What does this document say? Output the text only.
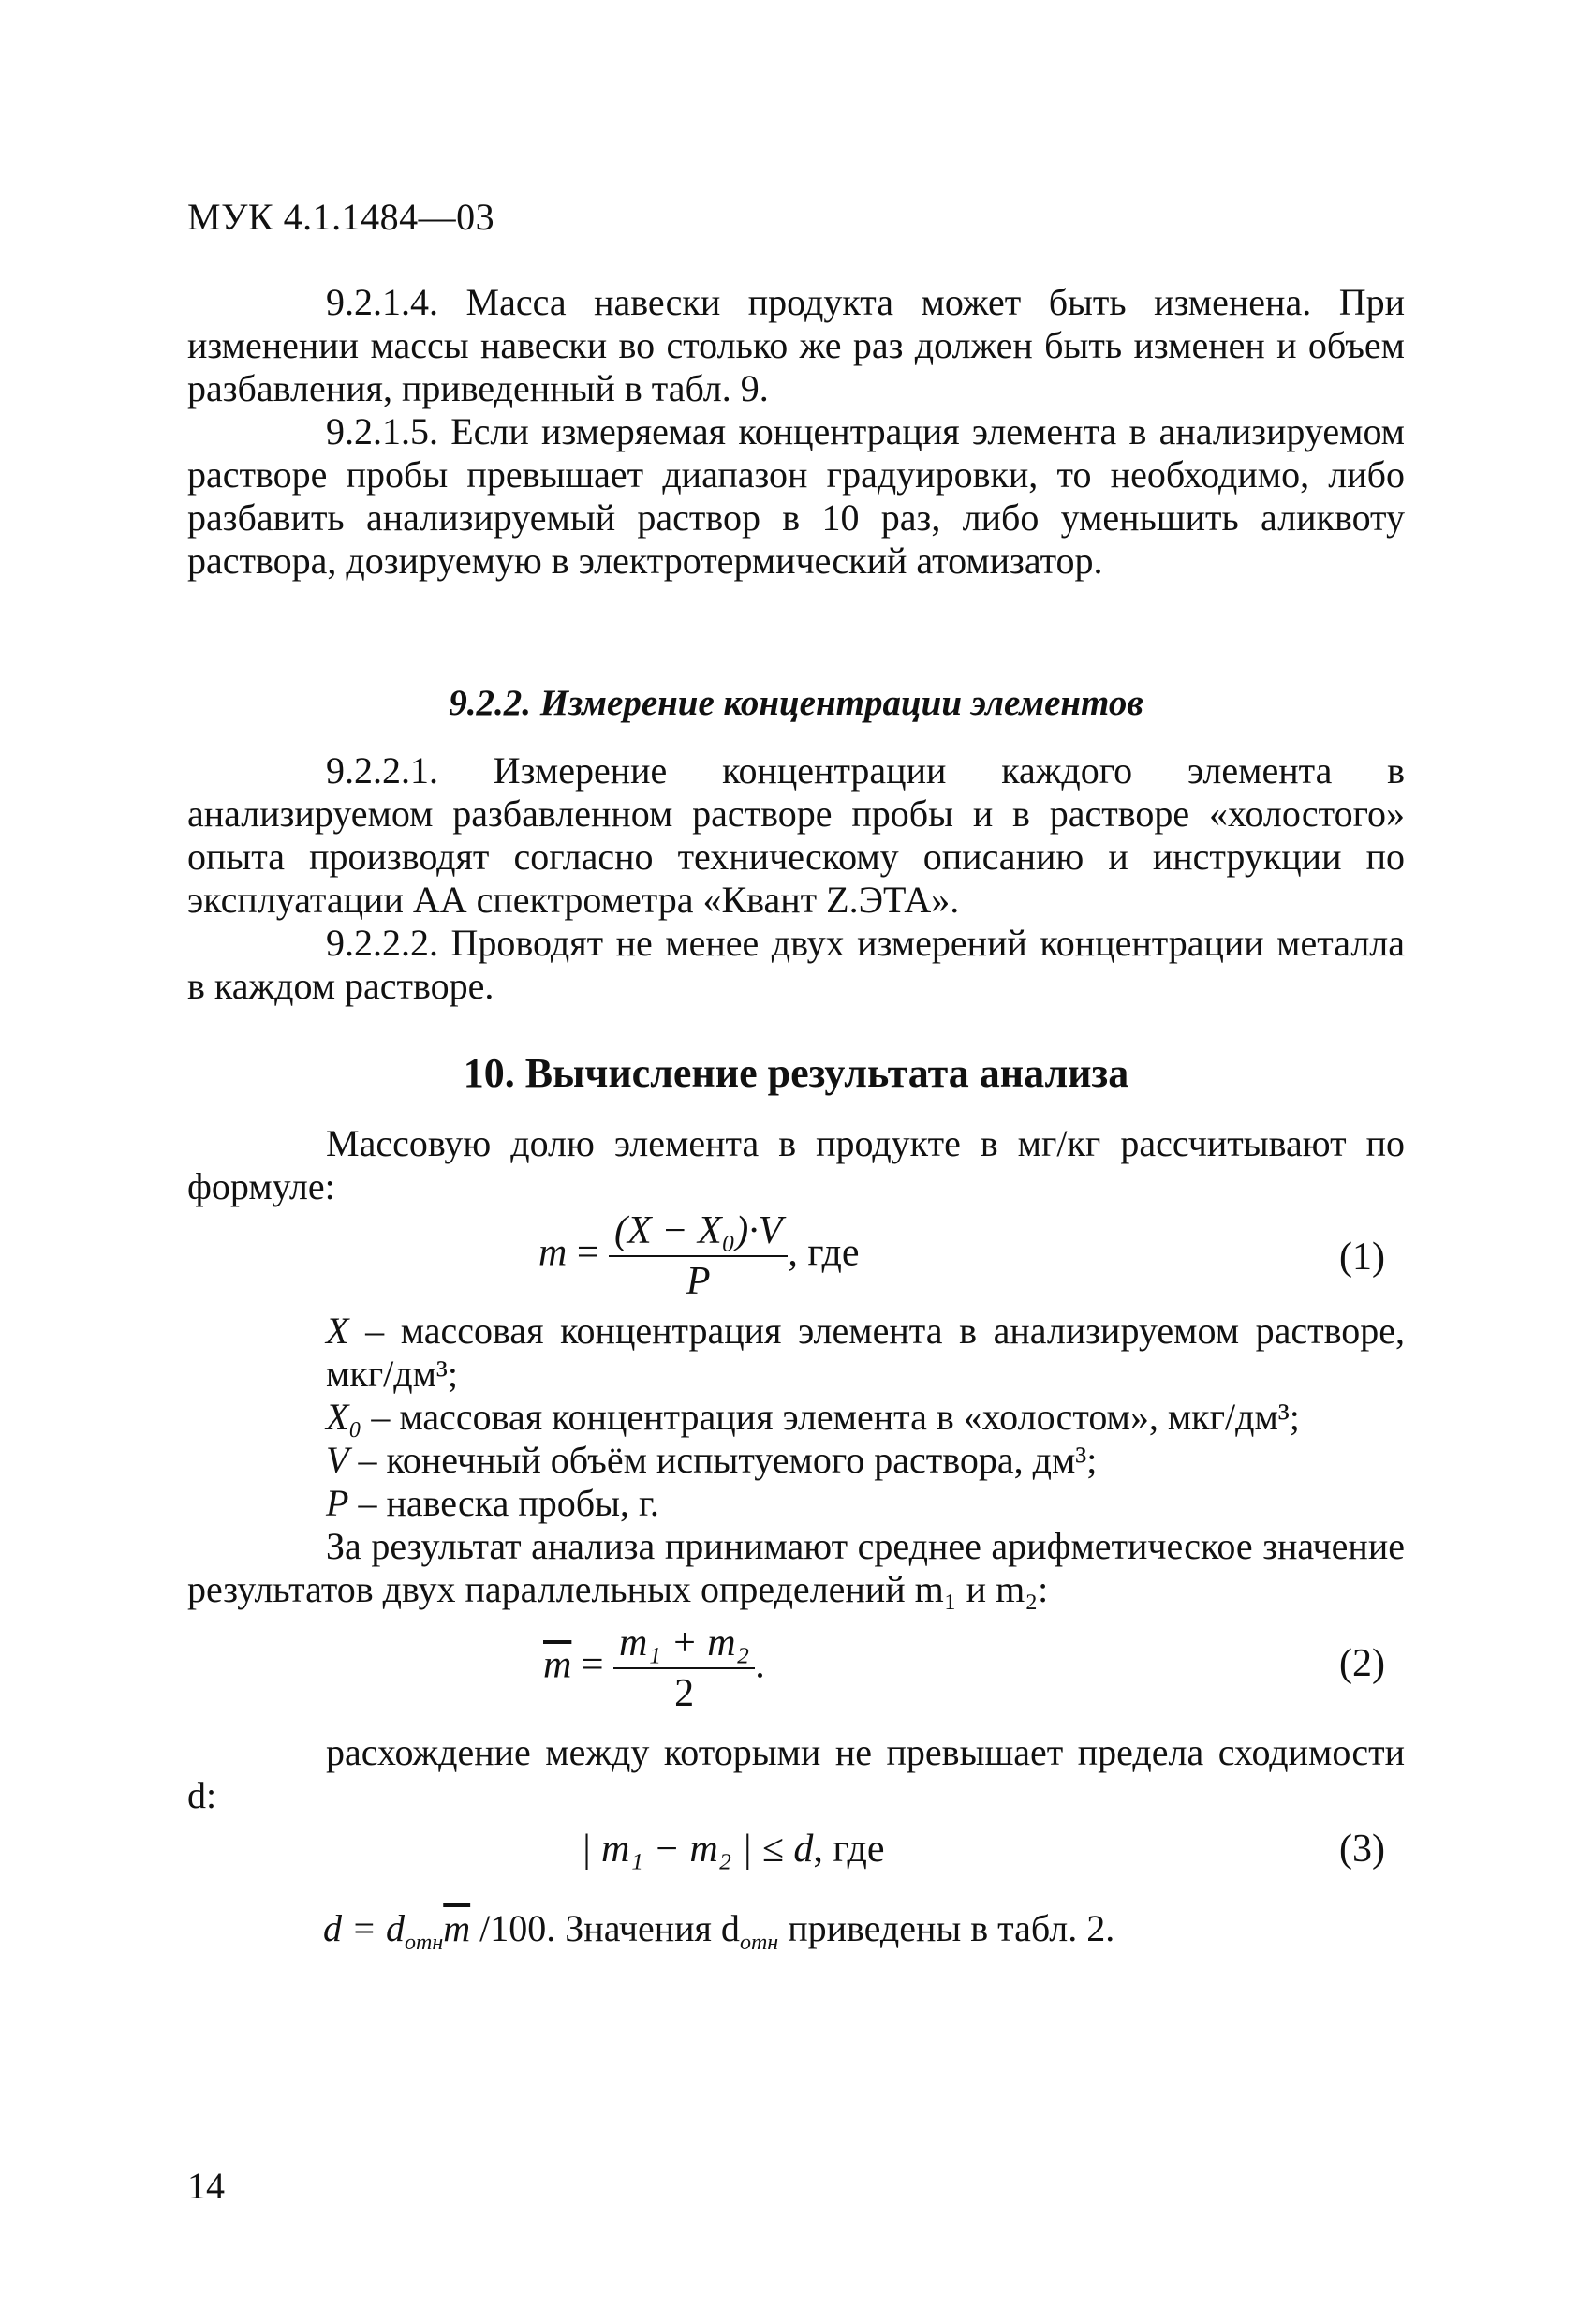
МУК 4.1.1484—03

9.2.1.4. Масса навески продукта может быть изменена. При изменении массы навески во столько же раз должен быть изменен и объем разбавления, приведенный в табл. 9.

9.2.1.5. Если измеряемая концентрация элемента в анализируемом растворе пробы превышает диапазон градуировки, то необходимо, либо разбавить анализируемый раствор в 10 раз, либо уменьшить аликвоту раствора, дозируемую в электротермический атомизатор.

9.2.2. Измерение концентрации элементов

9.2.2.1. Измерение концентрации каждого элемента в анализируемом разбавленном растворе пробы и в растворе «холостого» опыта производят согласно техническому описанию и инструкции по эксплуатации АА спектрометра «Квант Z.ЭТА».

9.2.2.2. Проводят не менее двух измерений концентрации металла в каждом растворе.

10. Вычисление результата анализа

Массовую долю элемента в продукте в мг/кг рассчитывают по формуле:

$m = \frac{\text{(X − X₀)·V}}{P}$ , где	(1)

X – массовая концентрация элемента в анализируемом растворе, мкг/дм³;

X₀ – массовая концентрация элемента в «холостом», мкг/дм³;

V – конечный объём испытуемого раствора, дм³;

P – навеска пробы, г.

За результат анализа принимают среднее арифметическое значение результатов двух параллельных определений m₁ и m₂:

$\overline{m} = \frac{\text{m₁ + m₂}}{2}$ .	(2)

расхождение между которыми не превышает предела сходимости d:

| m₁ − m₂ | ≤ d, где	(3)
$d = d_{отн}\overline{m}$ /100. Значения $d_{отн}$ приведены в табл. 2.
14
